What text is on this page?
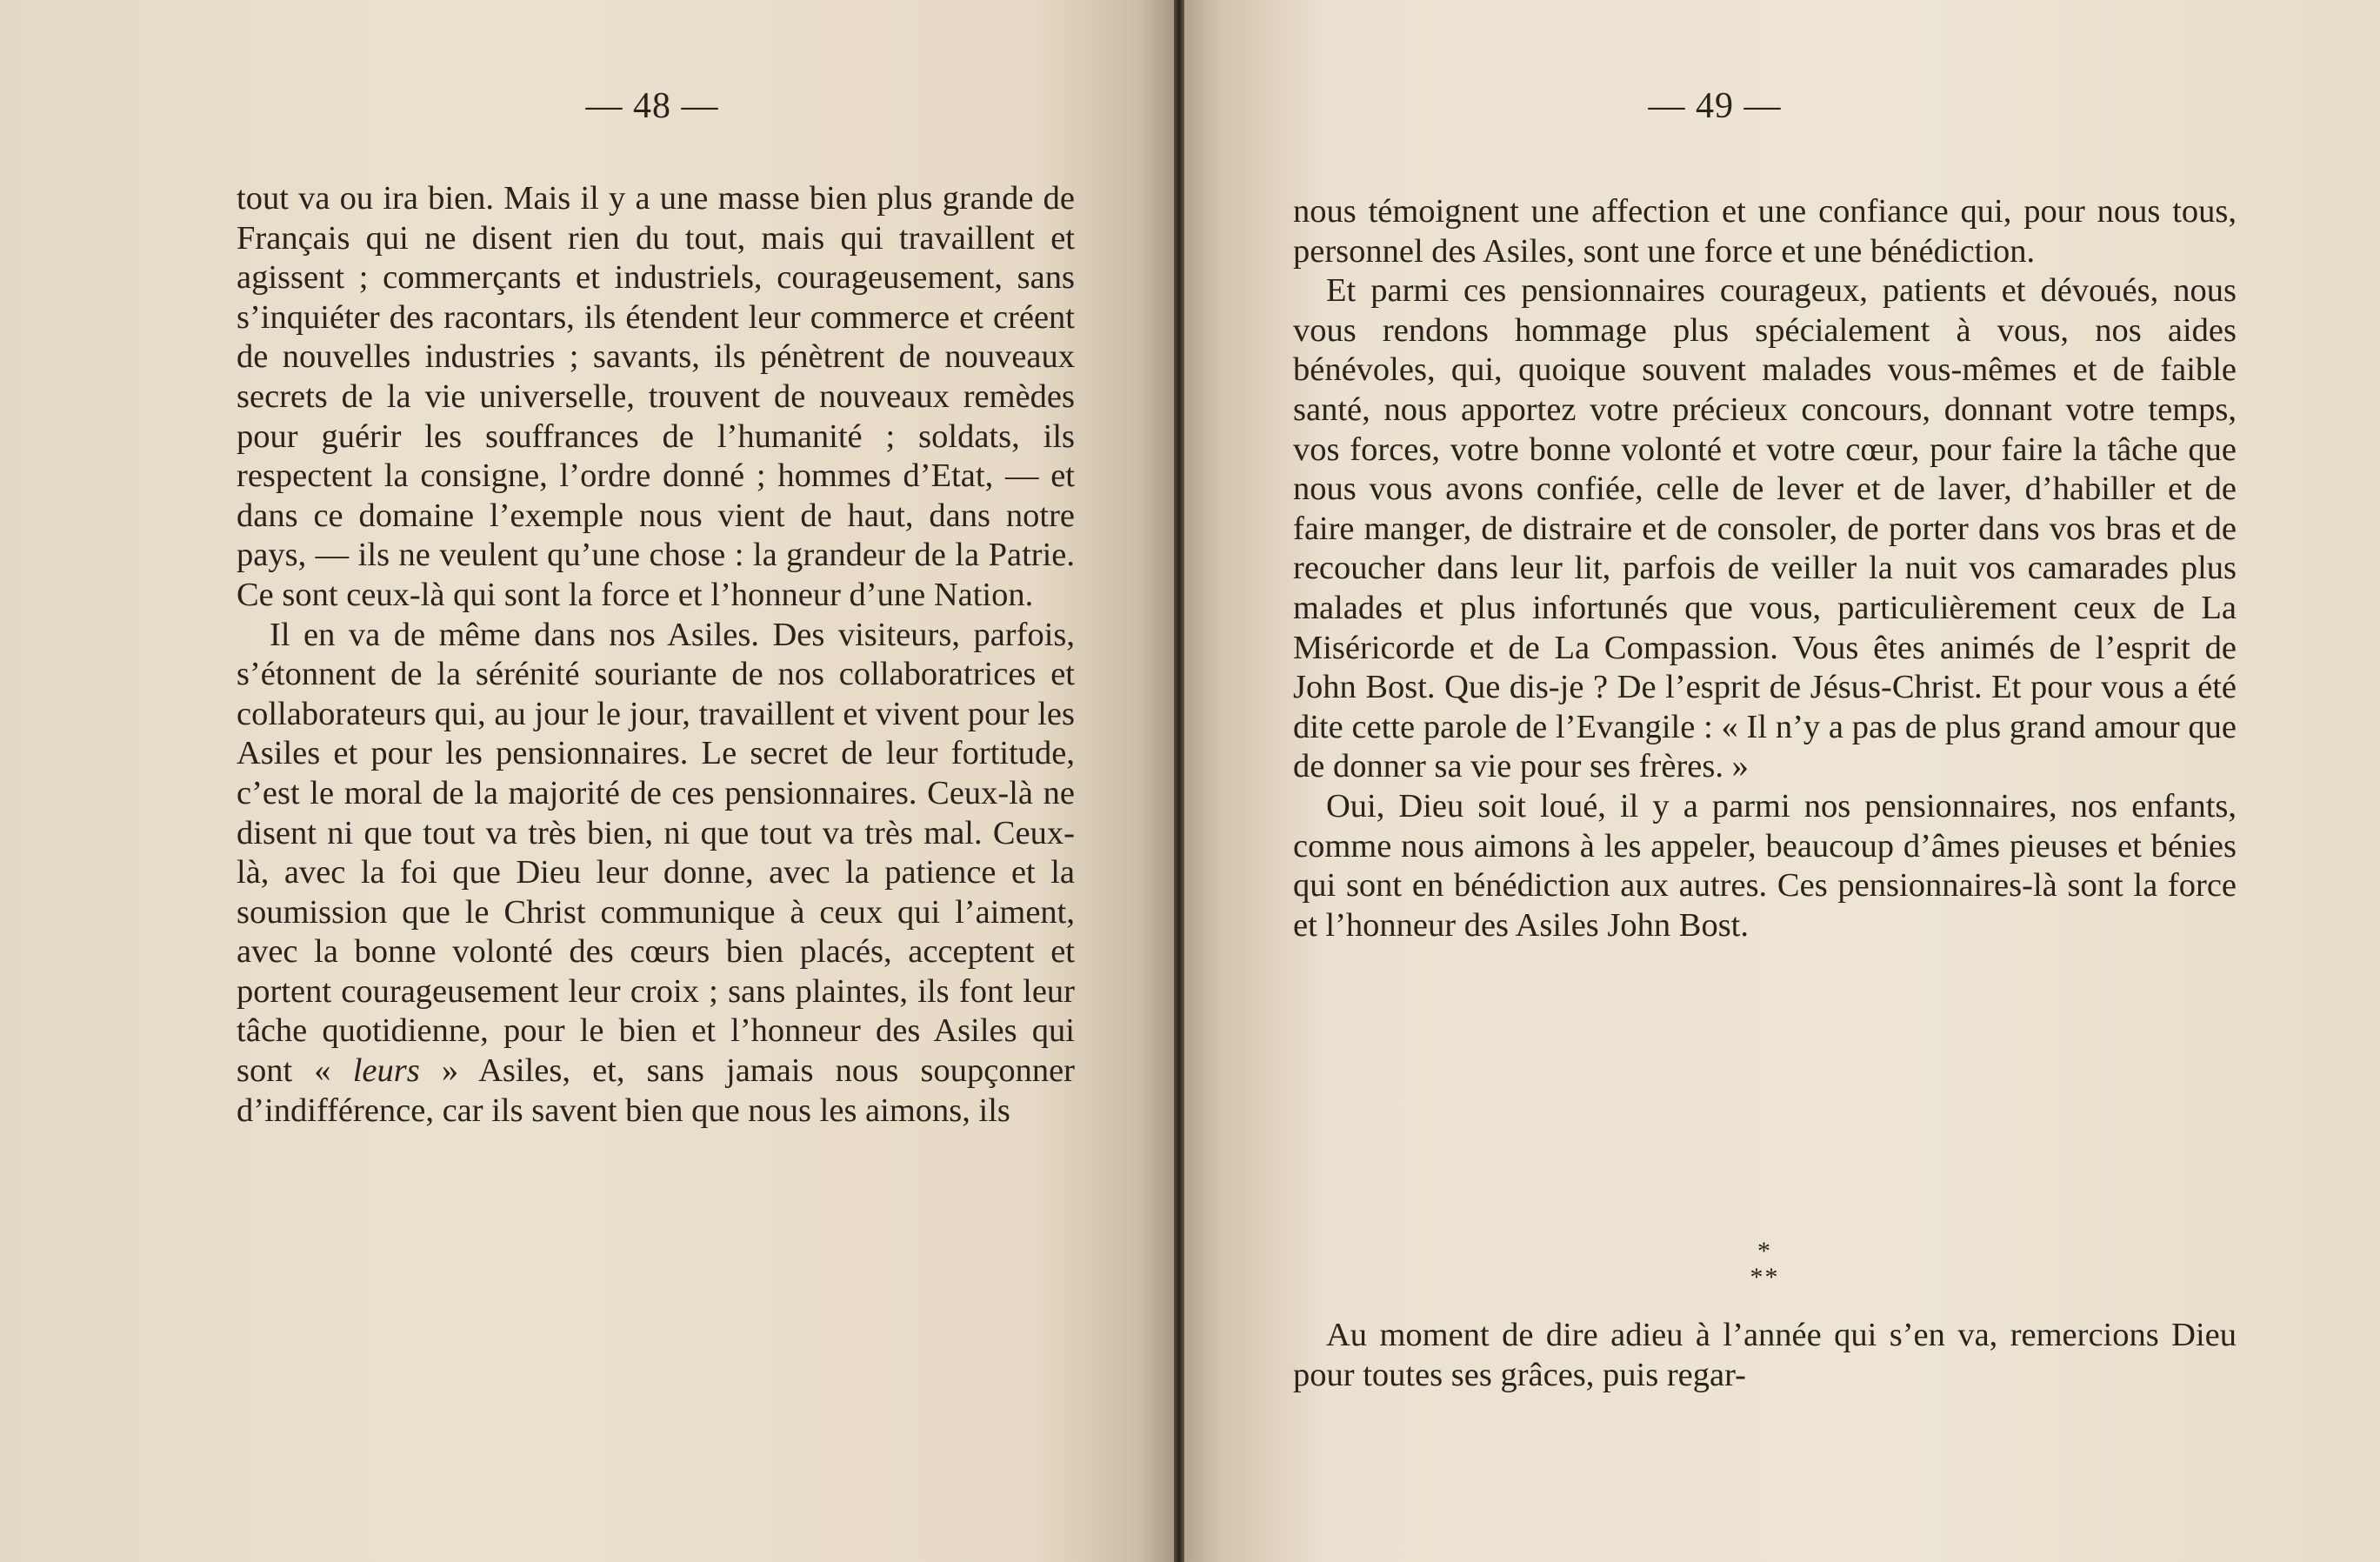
— 48 —

tout va ou ira bien. Mais il y a une masse bien plus grande de Français qui ne disent rien du tout, mais qui travaillent et agissent ; commerçants et industriels, courageusement, sans s’inquiéter des racontars, ils étendent leur commerce et créent de nouvelles industries ; savants, ils pénètrent de nouveaux secrets de la vie universelle, trouvent de nouveaux remèdes pour guérir les souffrances de l’humanité ; soldats, ils respectent la consigne, l’ordre donné ; hommes d’Etat, — et dans ce domaine l’exemple nous vient de haut, dans notre pays, — ils ne veulent qu’une chose : la grandeur de la Patrie. Ce sont ceux-là qui sont la force et l’honneur d’une Nation.

Il en va de même dans nos Asiles. Des visiteurs, parfois, s’étonnent de la sérénité souriante de nos collaboratrices et collaborateurs qui, au jour le jour, travaillent et vivent pour les Asiles et pour les pensionnaires. Le secret de leur fortitude, c’est le moral de la majorité de ces pensionnaires. Ceux-là ne disent ni que tout va très bien, ni que tout va très mal. Ceux-là, avec la foi que Dieu leur donne, avec la patience et la soumission que le Christ communique à ceux qui l’aiment, avec la bonne volonté des cœurs bien placés, acceptent et portent courageusement leur croix ; sans plaintes, ils font leur tâche quotidienne, pour le bien et l’honneur des Asiles qui sont « leurs » Asiles, et, sans jamais nous soupçonner d’indifférence, car ils savent bien que nous les aimons, ils

— 49 —

nous témoignent une affection et une confiance qui, pour nous tous, personnel des Asiles, sont une force et une bénédiction.

Et parmi ces pensionnaires courageux, patients et dévoués, nous vous rendons hommage plus spécialement à vous, nos aides bénévoles, qui, quoique souvent malades vous-mêmes et de faible santé, nous apportez votre précieux concours, donnant votre temps, vos forces, votre bonne volonté et votre cœur, pour faire la tâche que nous vous avons confiée, celle de lever et de laver, d’habiller et de faire manger, de distraire et de consoler, de porter dans vos bras et de recoucher dans leur lit, parfois de veiller la nuit vos camarades plus malades et plus infortunés que vous, particulièrement ceux de La Miséricorde et de La Compassion. Vous êtes animés de l’esprit de John Bost. Que dis-je ? De l’esprit de Jésus-Christ. Et pour vous a été dite cette parole de l’Evangile : « Il n’y a pas de plus grand amour que de donner sa vie pour ses frères. »

Oui, Dieu soit loué, il y a parmi nos pensionnaires, nos enfants, comme nous aimons à les appeler, beaucoup d’âmes pieuses et bénies qui sont en bénédiction aux autres. Ces pensionnaires-là sont la force et l’honneur des Asiles John Bost.

Au moment de dire adieu à l’année qui s’en va, remercions Dieu pour toutes ses grâces, puis regar-

*
**
